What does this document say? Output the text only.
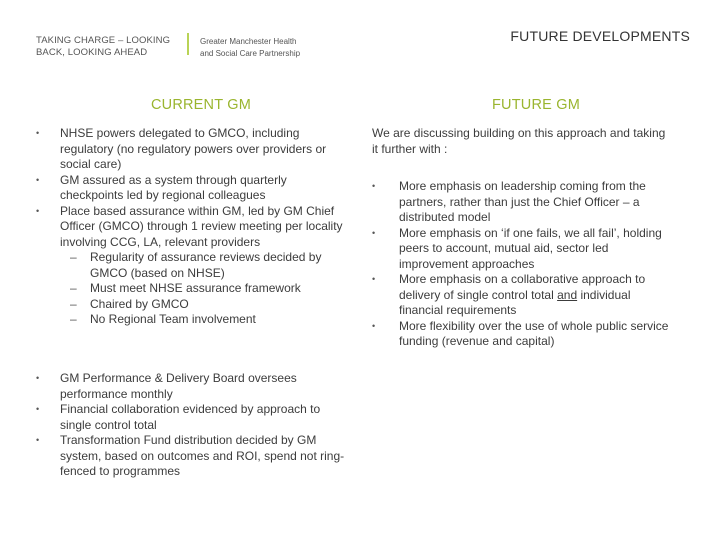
TAKING CHARGE – LOOKING
BACK, LOOKING AHEAD
Greater Manchester Health
and Social Care Partnership
FUTURE DEVELOPMENTS
CURRENT GM
• NHSE powers delegated to GMCO, including regulatory (no regulatory powers over providers or social care)
• GM assured as a system through quarterly checkpoints led by regional colleagues
• Place based assurance within GM, led by GM Chief Officer (GMCO) through 1 review meeting per locality involving CCG, LA, relevant providers
– Regularity of assurance reviews decided by GMCO (based on NHSE)
– Must meet NHSE assurance framework
– Chaired by GMCO
– No Regional Team involvement
• GM Performance & Delivery Board oversees performance monthly
• Financial collaboration evidenced by approach to single control total
• Transformation Fund distribution decided by GM system, based on outcomes and ROI, spend not ring-fenced to programmes
FUTURE GM
We are discussing building on this approach and taking it further with :
• More emphasis on leadership coming from the partners, rather than just the Chief Officer – a distributed model
• More emphasis on ‘if one fails, we all fail’, holding peers to account, mutual aid, sector led improvement approaches
• More emphasis on a collaborative approach to delivery of single control total and individual financial requirements
• More flexibility over the use of whole public service funding (revenue and capital)
